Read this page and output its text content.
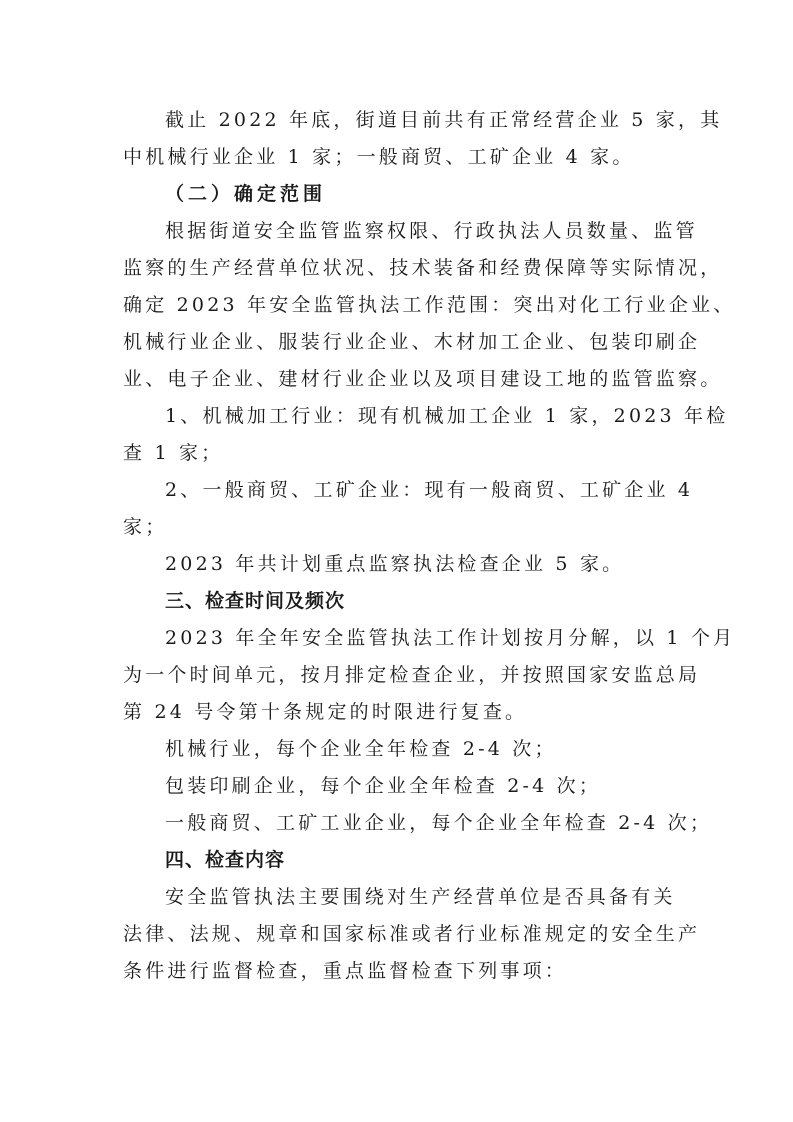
截止 2022 年底，街道目前共有正常经营企业 5 家，其
中机械行业企业 1 家；一般商贸、工矿企业 4 家。
（二）确定范围
根据街道安全监管监察权限、行政执法人员数量、监管
监察的生产经营单位状况、技术装备和经费保障等实际情况，
确定 2023 年安全监管执法工作范围：突出对化工行业企业、
机械行业企业、服装行业企业、木材加工企业、包装印刷企
业、电子企业、建材行业企业以及项目建设工地的监管监察。
1、机械加工行业：现有机械加工企业 1 家，2023 年检
查 1 家；
2、一般商贸、工矿企业：现有一般商贸、工矿企业 4
家；
2023 年共计划重点监察执法检查企业 5 家。
三、检查时间及频次
2023 年全年安全监管执法工作计划按月分解，以 1 个月
为一个时间单元，按月排定检查企业，并按照国家安监总局
第 24 号令第十条规定的时限进行复查。
机械行业，每个企业全年检查 2-4 次；
包装印刷企业，每个企业全年检查 2-4 次；
一般商贸、工矿工业企业，每个企业全年检查 2-4 次；
四、检查内容
安全监管执法主要围绕对生产经营单位是否具备有关
法律、法规、规章和国家标准或者行业标准规定的安全生产
条件进行监督检查，重点监督检查下列事项：
